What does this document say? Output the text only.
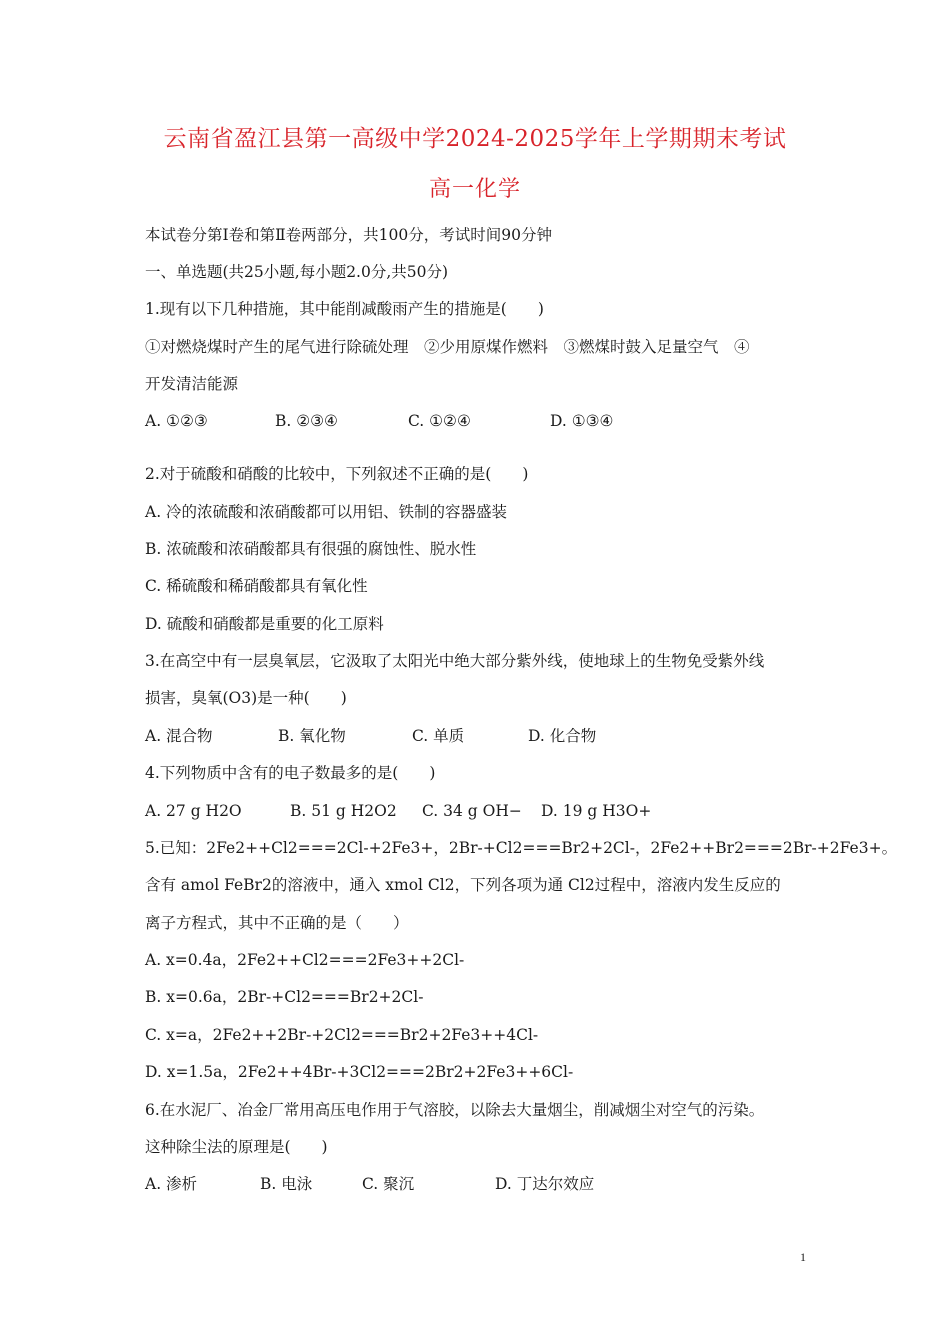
云南省盈江县第一高级中学2024-2025学年上学期期末考试
高一化学
本试卷分第Ⅰ卷和第Ⅱ卷两部分，共100分，考试时间90分钟
一、单选题(共25小题,每小题2.0分,共50分)
1.现有以下几种措施，其中能削减酸雨产生的措施是(　　)
①对燃烧煤时产生的尾气进行除硫处理　②少用原煤作燃料　③燃煤时鼓入足量空气　④
开发清洁能源
A. ①②③	B. ②③④	C. ①②④	D. ①③④
2.对于硫酸和硝酸的比较中，下列叙述不正确的是(　　)
A. 冷的浓硫酸和浓硝酸都可以用铝、铁制的容器盛装
B. 浓硫酸和浓硝酸都具有很强的腐蚀性、脱水性
C. 稀硫酸和稀硝酸都具有氧化性
D. 硫酸和硝酸都是重要的化工原料
3.在高空中有一层臭氧层，它汲取了太阳光中绝大部分紫外线，使地球上的生物免受紫外线
损害，臭氧(O3)是一种(　　)
A. 混合物	B. 氧化物	C. 单质	D. 化合物
4.下列物质中含有的电子数最多的是(　　)
A. 27 g H2O	B. 51 g H2O2 C. 34 g OH− D. 19 g H3O+
5.已知：2Fe2++Cl2===2Cl-+2Fe3+，2Br-+Cl2===Br2+2Cl-，2Fe2++Br2===2Br-+2Fe3+。
含有 amol FeBr2的溶液中，通入 xmol Cl2，下列各项为通 Cl2过程中，溶液内发生反应的
离子方程式，其中不正确的是（　　）
A. x=0.4a，2Fe2++Cl2===2Fe3++2Cl-
B. x=0.6a，2Br-+Cl2===Br2+2Cl-
C. x=a，2Fe2++2Br-+2Cl2===Br2+2Fe3++4Cl-
D. x=1.5a，2Fe2++4Br-+3Cl2===2Br2+2Fe3++6Cl-
6.在水泥厂、冶金厂常用高压电作用于气溶胶，以除去大量烟尘，削减烟尘对空气的污染。
这种除尘法的原理是(　　)
A. 渗析	B. 电泳	C. 聚沉	D. 丁达尔效应
1
